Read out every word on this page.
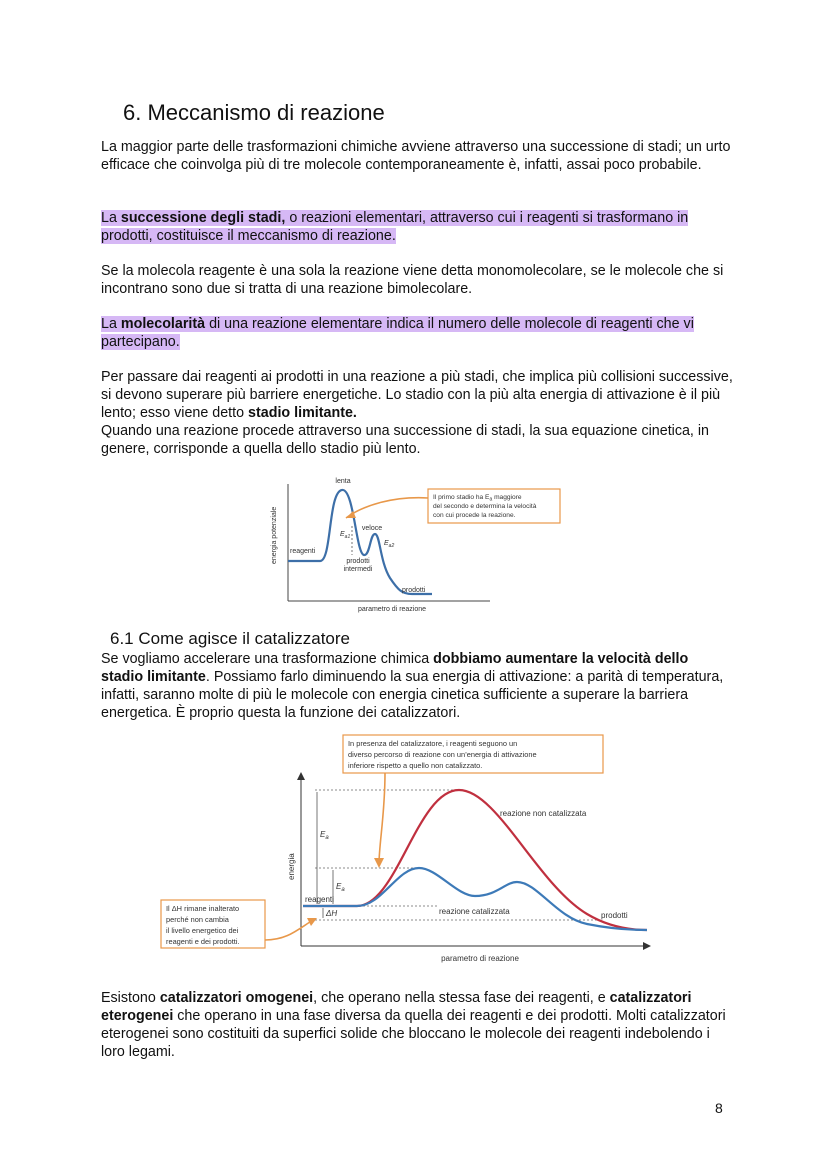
6. Meccanismo di reazione

La maggior parte delle trasformazioni chimiche avviene attraverso una successione di stadi; un urto efficace che coinvolga più di tre molecole contemporaneamente è, infatti, assai poco probabile.

La successione degli stadi, o reazioni elementari, attraverso cui i reagenti si trasformano in prodotti, costituisce il meccanismo di reazione.

Se la molecola reagente è una sola la reazione viene detta monomolecolare, se le molecole che si incontrano sono due si tratta di una reazione bimolecolare.

La molecolarità di una reazione elementare indica il numero delle molecole di reagenti che vi partecipano.

Per passare dai reagenti ai prodotti in una reazione a più stadi, che implica più collisioni successive, si devono superare più barriere energetiche. Lo stadio con la più alta energia di attivazione è il più lento; esso viene detto stadio limitante.
Quando una reazione procede attraverso una successione di stadi, la sua equazione cinetica, in genere, corrisponde a quella dello stadio più lento.

energia potenziale
parametro di reazione
lenta
veloce
reagenti
prodotti
intermedi
prodotti
$E_{a1}$
$E_{a2}$
Il primo stadio ha $E_a$ maggiore
del secondo e determina la velocità
con cui procede la reazione.
6.1 Come agisce il catalizzatore

Se vogliamo accelerare una trasformazione chimica dobbiamo aumentare la velocità dello stadio limitante. Possiamo farlo diminuendo la sua energia di attivazione: a parità di temperatura, infatti, saranno molte di più le molecole con energia cinetica sufficiente a superare la barriera energetica. È proprio questa la funzione dei catalizzatori.

energia
parametro di reazione
$E_a$
$E_a$
reagenti
ΔH	prodotti
reazione non catalizzata
reazione catalizzata
In presenza del catalizzatore, i reagenti seguono un
diverso percorso di reazione con un’energia di attivazione
inferiore rispetto a quello non catalizzato.
Il ΔH rimane inalterato
perché non cambia
il livello energetico dei
reagenti e dei prodotti.

Esistono catalizzatori omogenei, che operano nella stessa fase dei reagenti, e catalizzatori eterogenei che operano in una fase diversa da quella dei reagenti e dei prodotti. Molti catalizzatori eterogenei sono costituiti da superfici solide che bloccano le molecole dei reagenti indebolendo i loro legami.

8
